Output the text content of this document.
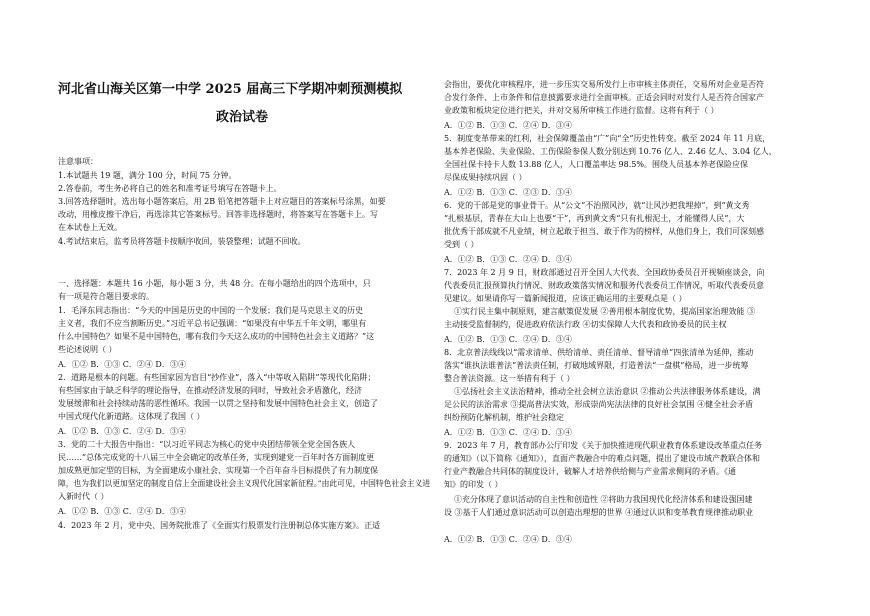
河北省山海关区第一中学 2025 届高三下学期冲刺预测模拟
政治试卷
注意事项：
1.本试题共 19 题，满分 100 分，时间 75 分钟。
2.答卷前，考生务必将自己的姓名和准考证号填写在答题卡上。
3.回答选择题时，选出每小题答案后，用 2B 铅笔把答题卡上对应题目的答案标号涂黑，如要
改动，用橡皮擦干净后，再选涂其它答案标号。回答非选择题时，将答案写在答题卡上。写
在本试卷上无效。
4.考试结束后，监考员将答题卡按顺序收回，装袋整理；试题不回收。
一、选择题：本题共 16 小题，每小题 3 分，共 48 分。在每小题给出的四个选项中，只
有一项是符合题目要求的。
1．毛泽东同志指出：“今天的中国是历史的中国的一个发展；我们是马克思主义的历史
主义者，我们不应当割断历史。”习近平总书记强调：“如果没有中华五千年文明，哪里有
什么中国特色？如果不是中国特色，哪有我们今天这么成功的中国特色社会主义道路？”这
些论述说明（ ）
A．①② B．①③ C．②④ D．③④
2．道路是根本的问题。有些国家因为盲目“抄作业”，落入“中等收入陷阱”等现代化陷阱；
有些国家由于缺乏科学的理论指导，在推动经济发展的同时，导致社会矛盾激化，经济
发展缓滞和社会持续动荡的恶性循环。我国一以贯之坚持和发展中国特色社会主义，创造了
中国式现代化新道路。这体现了我国（ ）
A．①② B．①③ C．②④ D．③④
3．党的二十大报告中指出：“以习近平同志为核心的党中央团结带领全党全国各族人
民……”总体完成党的十八届三中全会确定的改革任务，实现到建党一百年时各方面制度更
加成熟更加定型的目标，为全面建成小康社会、实现第一个百年奋斗目标提供了有力制度保
障，也为我们以更加坚定的制度自信上全面建设社会主义现代化国家新征程。”由此可见，中国特色社会主义进
入新时代（ ）
A．①② B．①③ C．②④ D．③④
4．2023 年 2 月，党中央、国务院批准了《全面实行股票发行注册制总体实施方案》。正适
会指出，要优化审核程序，进一步压实交易所发行上市审核主体责任，交易所对企业是否符
合发行条件、上市条件和信息披露要求进行全面审核。正适会同时对发行人是否符合国家产
业政策和板块定位进行把关，并对交易所审核工作进行监督。这将有利于（ ）
A．①② B．①③ C．②④ D．③④
5．制度变革带来的红利，社会保障覆盖由“广”向“全”历史性转变。截至 2024 年 11 月底，
基本养老保险、失业保险、工伤保险参保人数分别达到 10.76 亿人、2.46 亿人、3.04 亿人，
全国社保卡持卡人数 13.88 亿人，人口覆盖率达 98.5%。围绕人员基本养老保险应保
尽保成果持续巩固（ ）
A．①② B．①③ C．②③ D．③④
6．党的干部是党的事业骨干。从“公文”不治照风沙，就“让风沙把我埋掉”，到“黄文秀
”扎根基层，青春在大山上也要“干”，再到黄文秀“只有扎根泥土，才能懂得人民”，大
批优秀干部成就不凡业绩，树立起敢于担当、敢于作为的榜样，从他们身上，我们可深刻感
受到（ ）
A．①② B．①③ C．②④ D．③④
7．2023 年 2 月 9 日，财政部通过召开全国人大代表、全国政协委员召开视频座谈会，向
代表委员汇报预算执行情况、财政政策落实情况和服务代表委员工作情况，听取代表委员意
见建议。如果请你写一篇新闻报道，应该正确运用的主要观点是（ ）
①实行民主集中制原则，建言献策促发展 ②善用根本制度优势，提高国家治理效能 ③
主动接受监督制约，促进政府依法行政 ④切实保障人大代表和政协委员的民主权
A．①② B．①③ C．②④ D．③④
8．北京普法线线以“需求清单、供给清单、责任清单、督导清单”四张清单为延伸，推动
落实“谁执法谁普法”普法责任制，打破地域界限，打造普法“一盘棋”格局，进一步统筹
整合普法资源。这一举措有利于（ ）
①弘扬社会主义法治精神，推动全社会树立法治意识 ②推动公共法律服务体系建设，满
足公民的法治需求 ③提高普法实效，形成崇尚宪法法律的良好社会氛围 ④健全社会矛盾
纠纷预防化解机制，维护社会稳定
A．①② B．①③ C．②④ D．③④
9．2023 年 7 月，教育部办公厅印发《关于加快推进现代职业教育体系建设改革重点任务
的通知》（以下简称《通知》），直面产教融合中的难点问题，提出了建设市域产教联合体和
行业产教融合共同体的制度设计，破解人才培养供给侧与产业需求侧间的矛盾。《通
知》的印发（ ）
①充分体现了意识活动的自主性和创造性 ②将助力我国现代化经济体系和建设强国建
设 ③基于人们通过意识活动可以创造出理想的世界 ④通过认识和变革教育规律推动职业
A．①② B．①③ C．②④ D．③④
